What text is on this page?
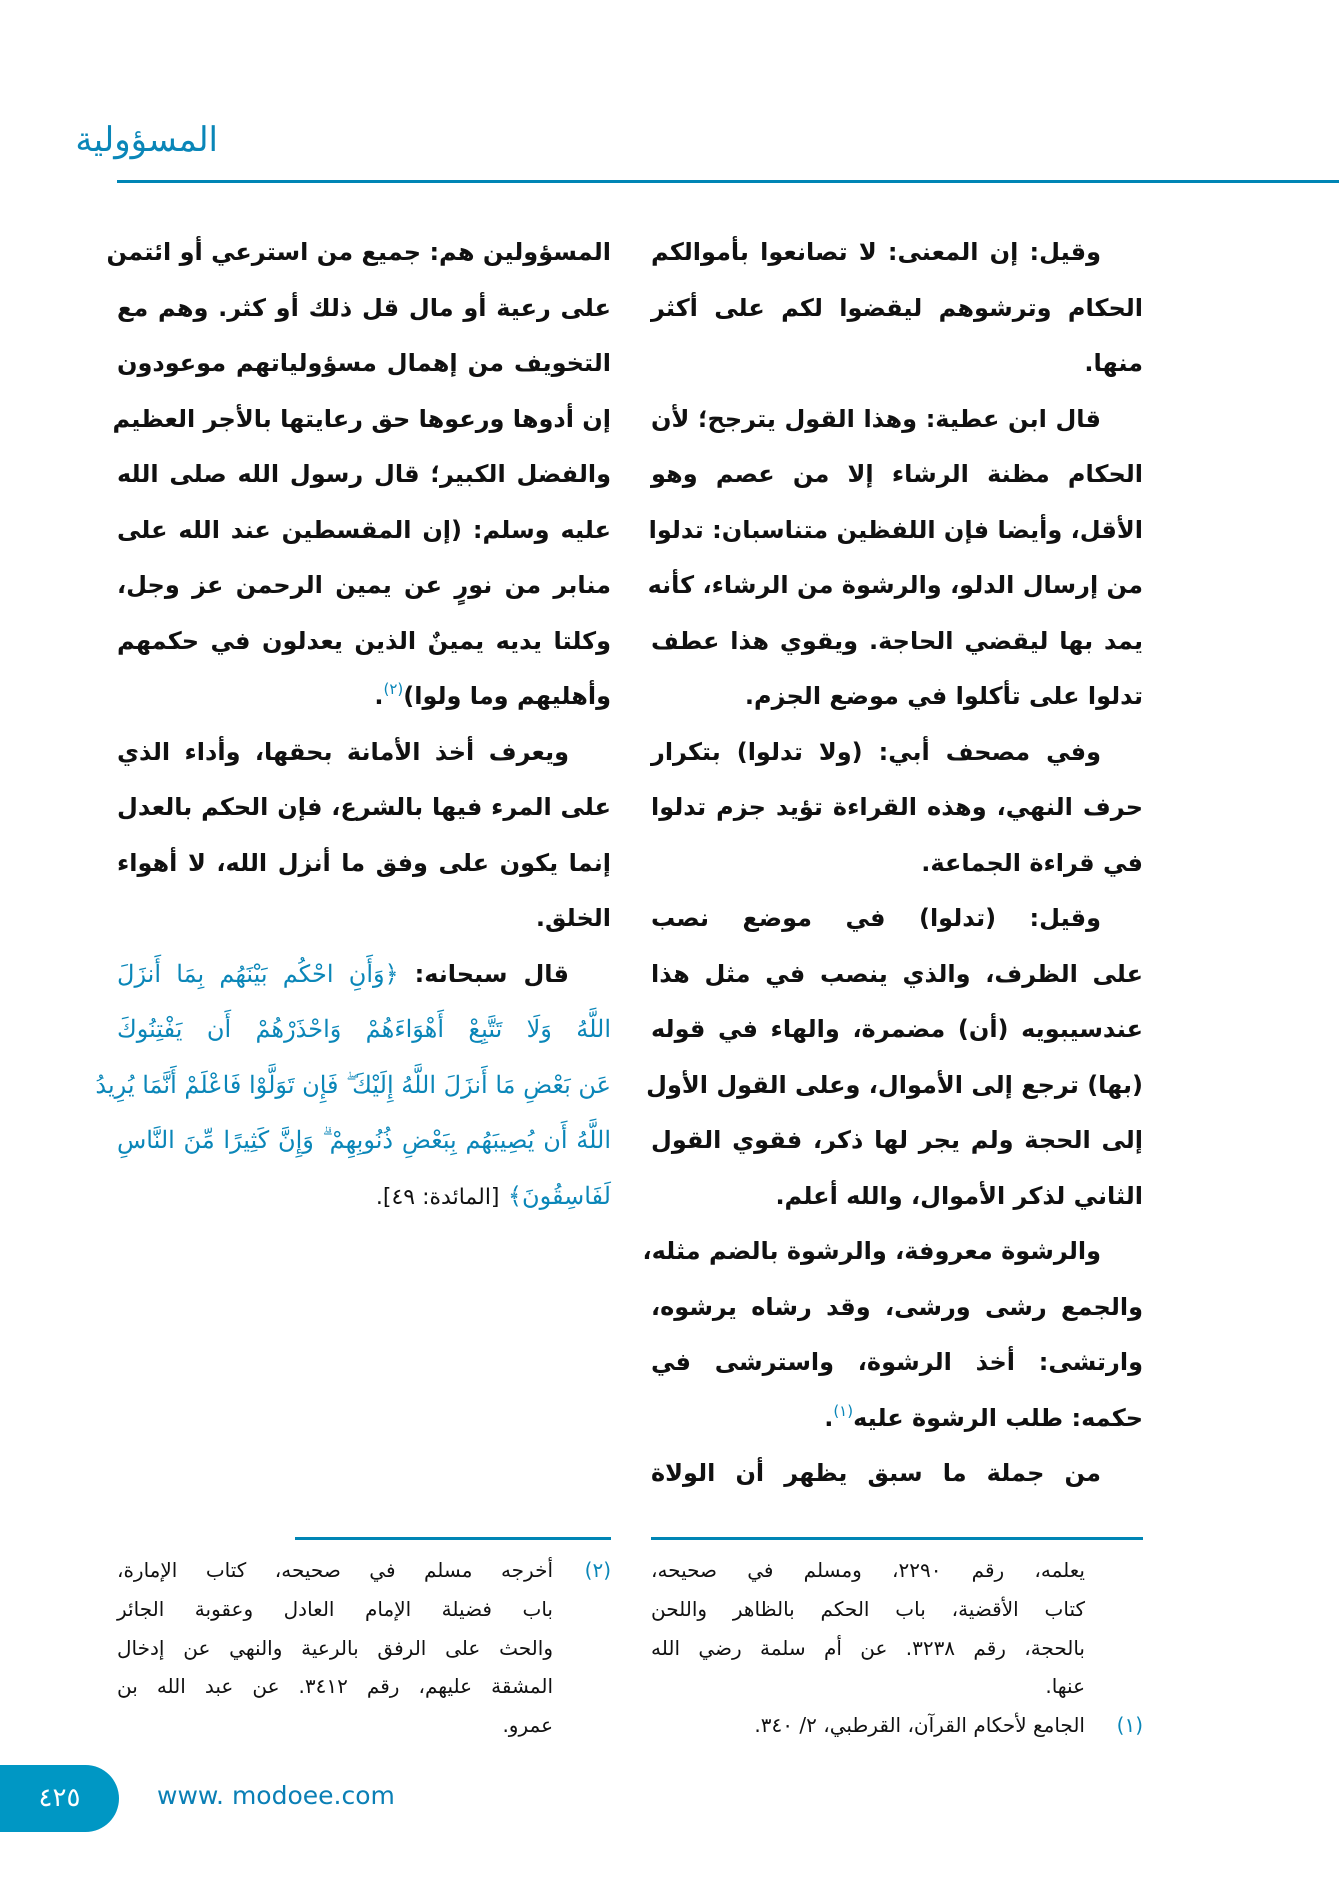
المسؤولية
وقيل: إن المعنى: لا تصانعوا بأموالكم
الحكام وترشوهم ليقضوا لكم على أكثر
منها.
قال ابن عطية: وهذا القول يترجح؛ لأن
الحكام مظنة الرشاء إلا من عصم وهو
الأقل، وأيضا فإن اللفظين متناسبان: تدلوا
من إرسال الدلو، والرشوة من الرشاء، كأنه
يمد بها ليقضي الحاجة. ويقوي هذا عطف
تدلوا على تأكلوا في موضع الجزم.
وفي مصحف أبي: (ولا تدلوا) بتكرار
حرف النهي، وهذه القراءة تؤيد جزم تدلوا
في قراءة الجماعة.
وقيل: (تدلوا) في موضع نصب
على الظرف، والذي ينصب في مثل هذا
عندسيبويه (أن) مضمرة، والهاء في قوله
(بها) ترجع إلى الأموال، وعلى القول الأول
إلى الحجة ولم يجر لها ذكر، فقوي القول
الثاني لذكر الأموال، والله أعلم.
والرشوة معروفة، والرشوة بالضم مثله،
والجمع رشى ورشى، وقد رشاه يرشوه،
وارتشى: أخذ الرشوة، واسترشى في
حكمه: طلب الرشوة عليه$^{(١)}$.
من جملة ما سبق يظهر أن الولاة
المسؤولين هم: جميع من استرعي أو ائتمن
على رعية أو مال قل ذلك أو كثر. وهم مع
التخويف من إهمال مسؤولياتهم موعودون
إن أدوها ورعوها حق رعايتها بالأجر العظيم
والفضل الكبير؛ قال رسول الله صلى الله
عليه وسلم: (إن المقسطين عند الله على
منابر من نورٍ عن يمين الرحمن عز وجل،
وكلتا يديه يمينٌ الذين يعدلون في حكمهم
وأهليهم وما ولوا)$^{(٢)}$.
ويعرف أخذ الأمانة بحقها، وأداء الذي
على المرء فيها بالشرع، فإن الحكم بالعدل
إنما يكون على وفق ما أنزل الله، لا أهواء
الخلق.
قال سبحانه: ﴿وَأَنِ احْكُم بَيْنَهُم بِمَا أَنزَلَ
اللَّهُ وَلَا تَتَّبِعْ أَهْوَاءَهُمْ وَاحْذَرْهُمْ أَن يَفْتِنُوكَ
عَن بَعْضِ مَا أَنزَلَ اللَّهُ إِلَيْكَ ۖ فَإِن تَوَلَّوْا فَاعْلَمْ أَنَّمَا يُرِيدُ
اللَّهُ أَن يُصِيبَهُم بِبَعْضِ ذُنُوبِهِمْ ۗ وَإِنَّ كَثِيرًا مِّنَ النَّاسِ
لَفَاسِقُونَ﴾ [المائدة: ٤٩].
يعلمه، رقم ٢٢٩٠، ومسلم في صحيحه،
كتاب الأقضية، باب الحكم بالظاهر واللحن
بالحجة، رقم ٣٢٣٨. عن أم سلمة رضي الله
عنها.
(١)
الجامع لأحكام القرآن، القرطبي، ٢/ ٣٤٠.
(٢)
أخرجه مسلم في صحيحه، كتاب الإمارة،
باب فضيلة الإمام العادل وعقوبة الجائر
والحث على الرفق بالرعية والنهي عن إدخال
المشقة عليهم، رقم ٣٤١٢. عن عبد الله بن
عمرو.
٤٢٥	www. modoee.com
